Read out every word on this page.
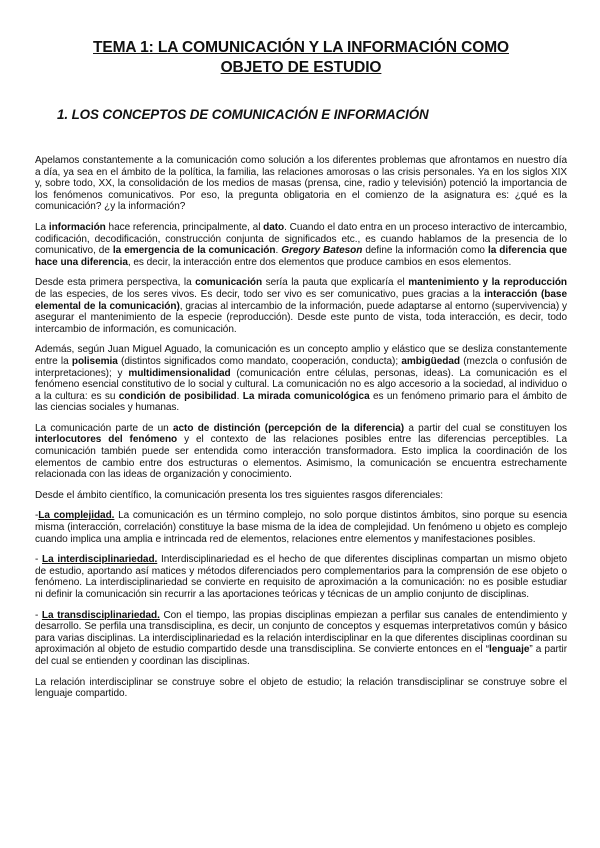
TEMA 1: LA COMUNICACIÓN Y LA INFORMACIÓN COMO
OBJETO DE ESTUDIO
1. LOS CONCEPTOS DE COMUNICACIÓN E INFORMACIÓN

Apelamos constantemente a la comunicación como solución a los diferentes problemas que afrontamos en nuestro día a día, ya sea en el ámbito de la política, la familia, las relaciones amorosas o las crisis personales. Ya en los siglos XIX y, sobre todo, XX, la consolidación de los medios de masas (prensa, cine, radio y televisión) potenció la importancia de los fenómenos comunicativos. Por eso, la pregunta obligatoria en el comienzo de la asignatura es: ¿qué es la comunicación? ¿y la información?

La información hace referencia, principalmente, al dato. Cuando el dato entra en un proceso interactivo de intercambio, codificación, decodificación, construcción conjunta de significados etc., es cuando hablamos de la presencia de lo comunicativo, de la emergencia de la comunicación. Gregory Bateson define la información como la diferencia que hace una diferencia, es decir, la interacción entre dos elementos que produce cambios en esos elementos.

Desde esta primera perspectiva, la comunicación sería la pauta que explicaría el mantenimiento y la reproducción de las especies, de los seres vivos. Es decir, todo ser vivo es ser comunicativo, pues gracias a la interacción (base elemental de la comunicación), gracias al intercambio de la información, puede adaptarse al entorno (supervivencia) y asegurar el mantenimiento de la especie (reproducción). Desde este punto de vista, toda interacción, es decir, todo intercambio de información, es comunicación.

Además, según Juan Miguel Aguado, la comunicación es un concepto amplio y elástico que se desliza constantemente entre la polisemia (distintos significados como mandato, cooperación, conducta); ambigüedad (mezcla o confusión de interpretaciones); y multidimensionalidad (comunicación entre células, personas, ideas). La comunicación es el fenómeno esencial constitutivo de lo social y cultural. La comunicación no es algo accesorio a la sociedad, al individuo o a la cultura: es su condición de posibilidad. La mirada comunicológica es un fenómeno primario para el ámbito de las ciencias sociales y humanas.

La comunicación parte de un acto de distinción (percepción de la diferencia) a partir del cual se constituyen los interlocutores del fenómeno y el contexto de las relaciones posibles entre las diferencias perceptibles. La comunicación también puede ser entendida como interacción transformadora. Esto implica la coordinación de los elementos de cambio entre dos estructuras o elementos. Asimismo, la comunicación se encuentra estrechamente relacionada con las ideas de organización y conocimiento.

Desde el ámbito científico, la comunicación presenta los tres siguientes rasgos diferenciales:

-La complejidad. La comunicación es un término complejo, no solo porque distintos ámbitos, sino porque su esencia misma (interacción, correlación) constituye la base misma de la idea de complejidad. Un fenómeno u objeto es complejo cuando implica una amplia e intrincada red de elementos, relaciones entre elementos y manifestaciones posibles.

- La interdisciplinariedad. Interdisciplinariedad es el hecho de que diferentes disciplinas compartan un mismo objeto de estudio, aportando así matices y métodos diferenciados pero complementarios para la comprensión de ese objeto o fenómeno. La interdisciplinariedad se convierte en requisito de aproximación a la comunicación: no es posible estudiar ni definir la comunicación sin recurrir a las aportaciones teóricas y técnicas de un amplio conjunto de disciplinas.

- La transdisciplinariedad. Con el tiempo, las propias disciplinas empiezan a perfilar sus canales de entendimiento y desarrollo. Se perfila una transdisciplina, es decir, un conjunto de conceptos y esquemas interpretativos común y básico para varias disciplinas. La interdisciplinariedad es la relación interdisciplinar en la que diferentes disciplinas coordinan su aproximación al objeto de estudio compartido desde una transdisciplina. Se convierte entonces en el “lenguaje” a partir del cual se entienden y coordinan las disciplinas.

La relación interdisciplinar se construye sobre el objeto de estudio; la relación transdisciplinar se construye sobre el lenguaje compartido.
